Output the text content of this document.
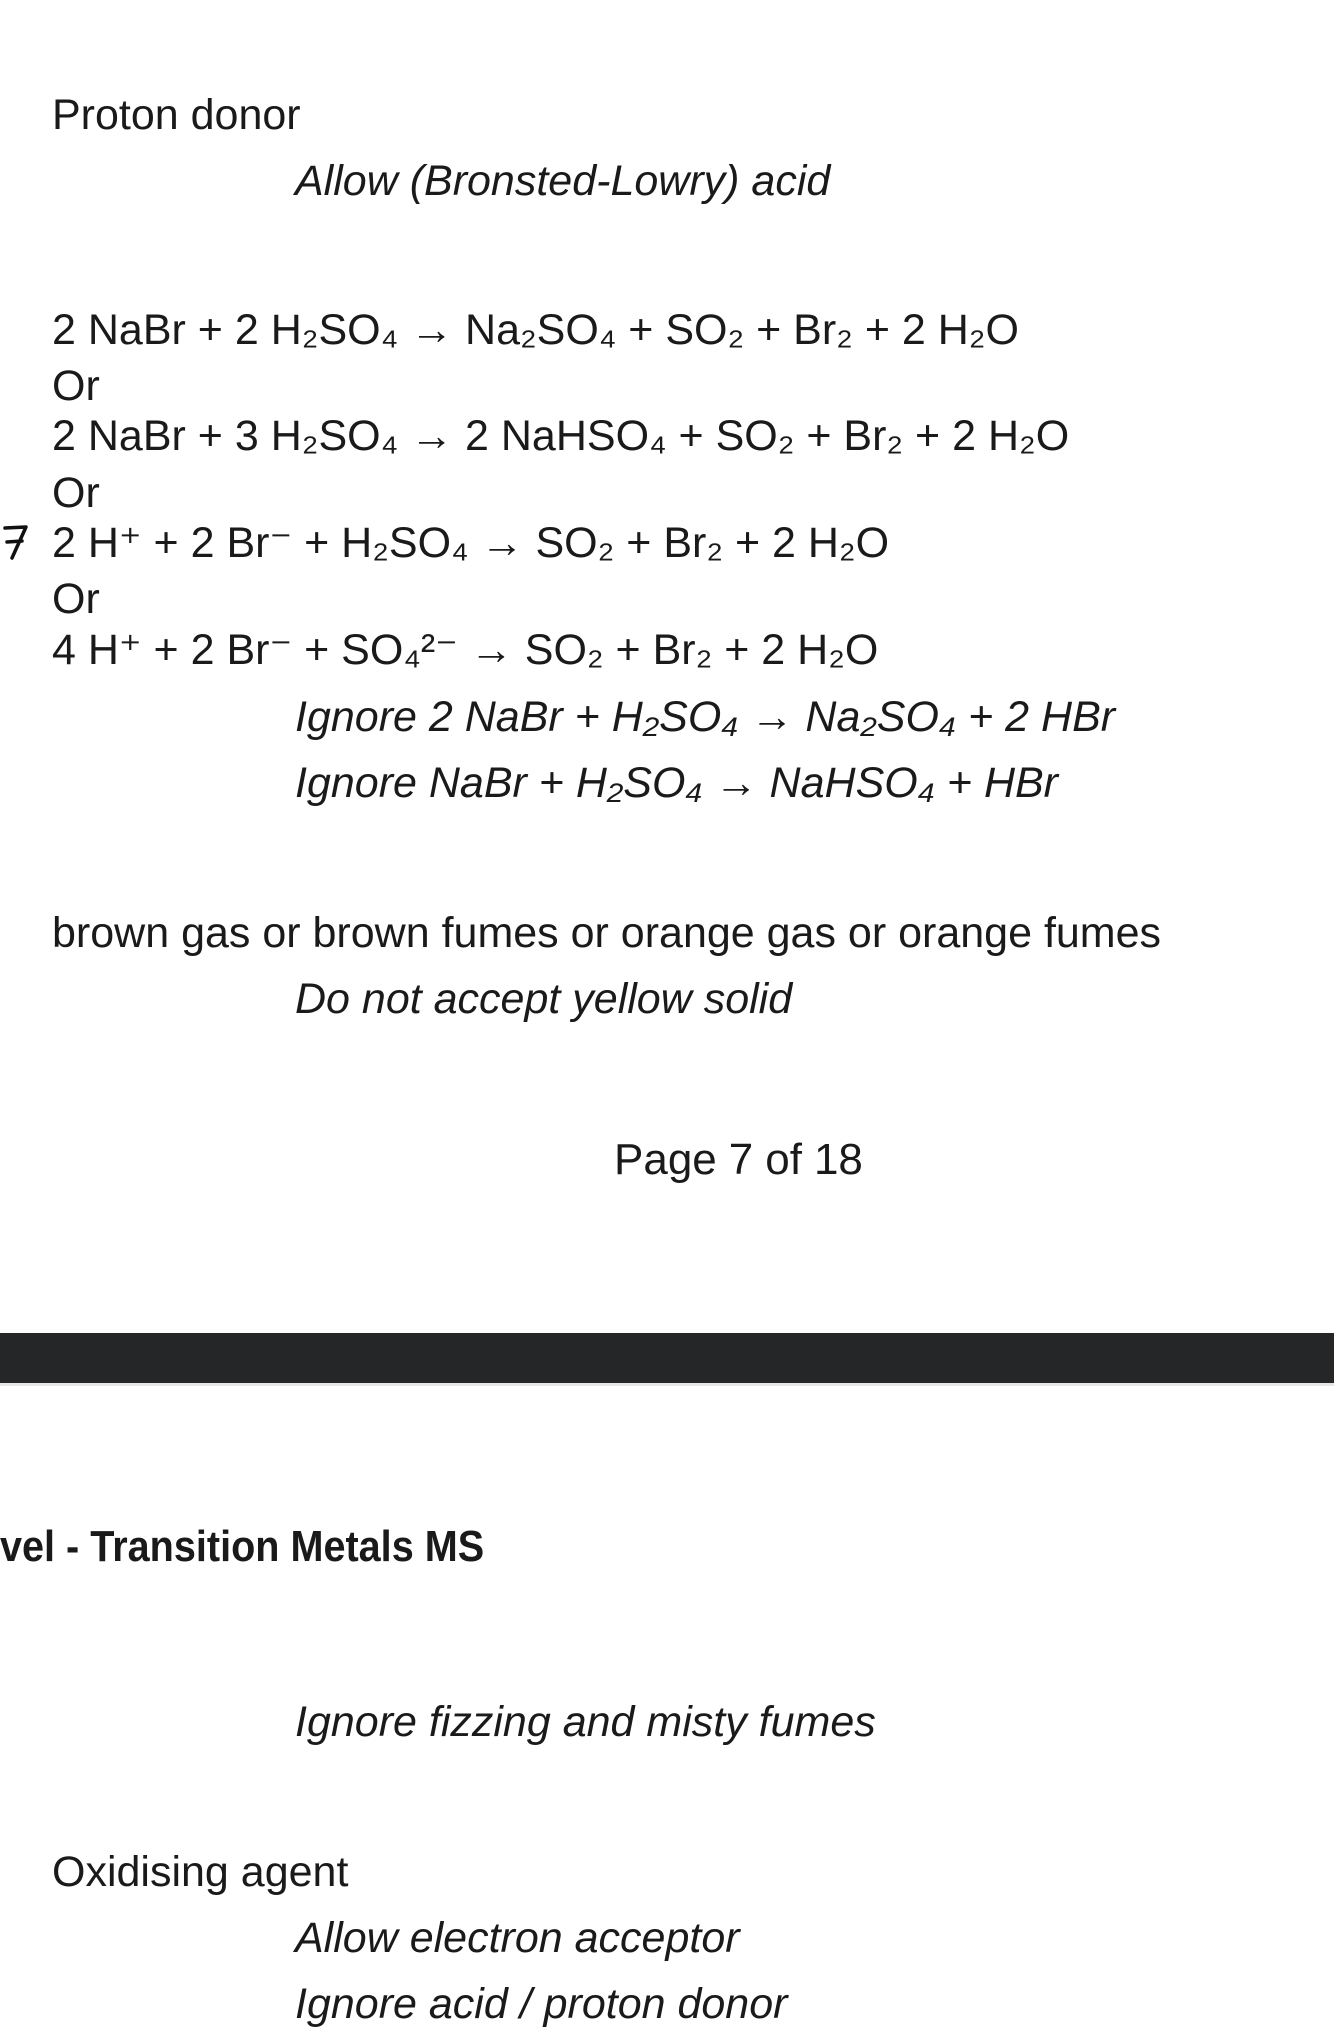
Proton donor
Allow (Bronsted-Lowry) acid
2 NaBr + 2 H₂SO₄ → Na₂SO₄ + SO₂ + Br₂ + 2 H₂O
Or
2 NaBr + 3 H₂SO₄ → 2 NaHSO₄ + SO₂ + Br₂ + 2 H₂O
Or
2 H⁺ + 2 Br⁻ + H₂SO₄ → SO₂ + Br₂ + 2 H₂O
Or
4 H⁺ + 2 Br⁻ + SO₄²⁻ → SO₂ + Br₂ + 2 H₂O
Ignore 2 NaBr + H₂SO₄ → Na₂SO₄ + 2 HBr
Ignore NaBr + H₂SO₄ → NaHSO₄ + HBr
brown gas or brown fumes or orange gas or orange fumes
Do not accept yellow solid
Page 7 of 18
vel - Transition Metals MS
Ignore fizzing and misty fumes
Oxidising agent
Allow electron acceptor
Ignore acid / proton donor
